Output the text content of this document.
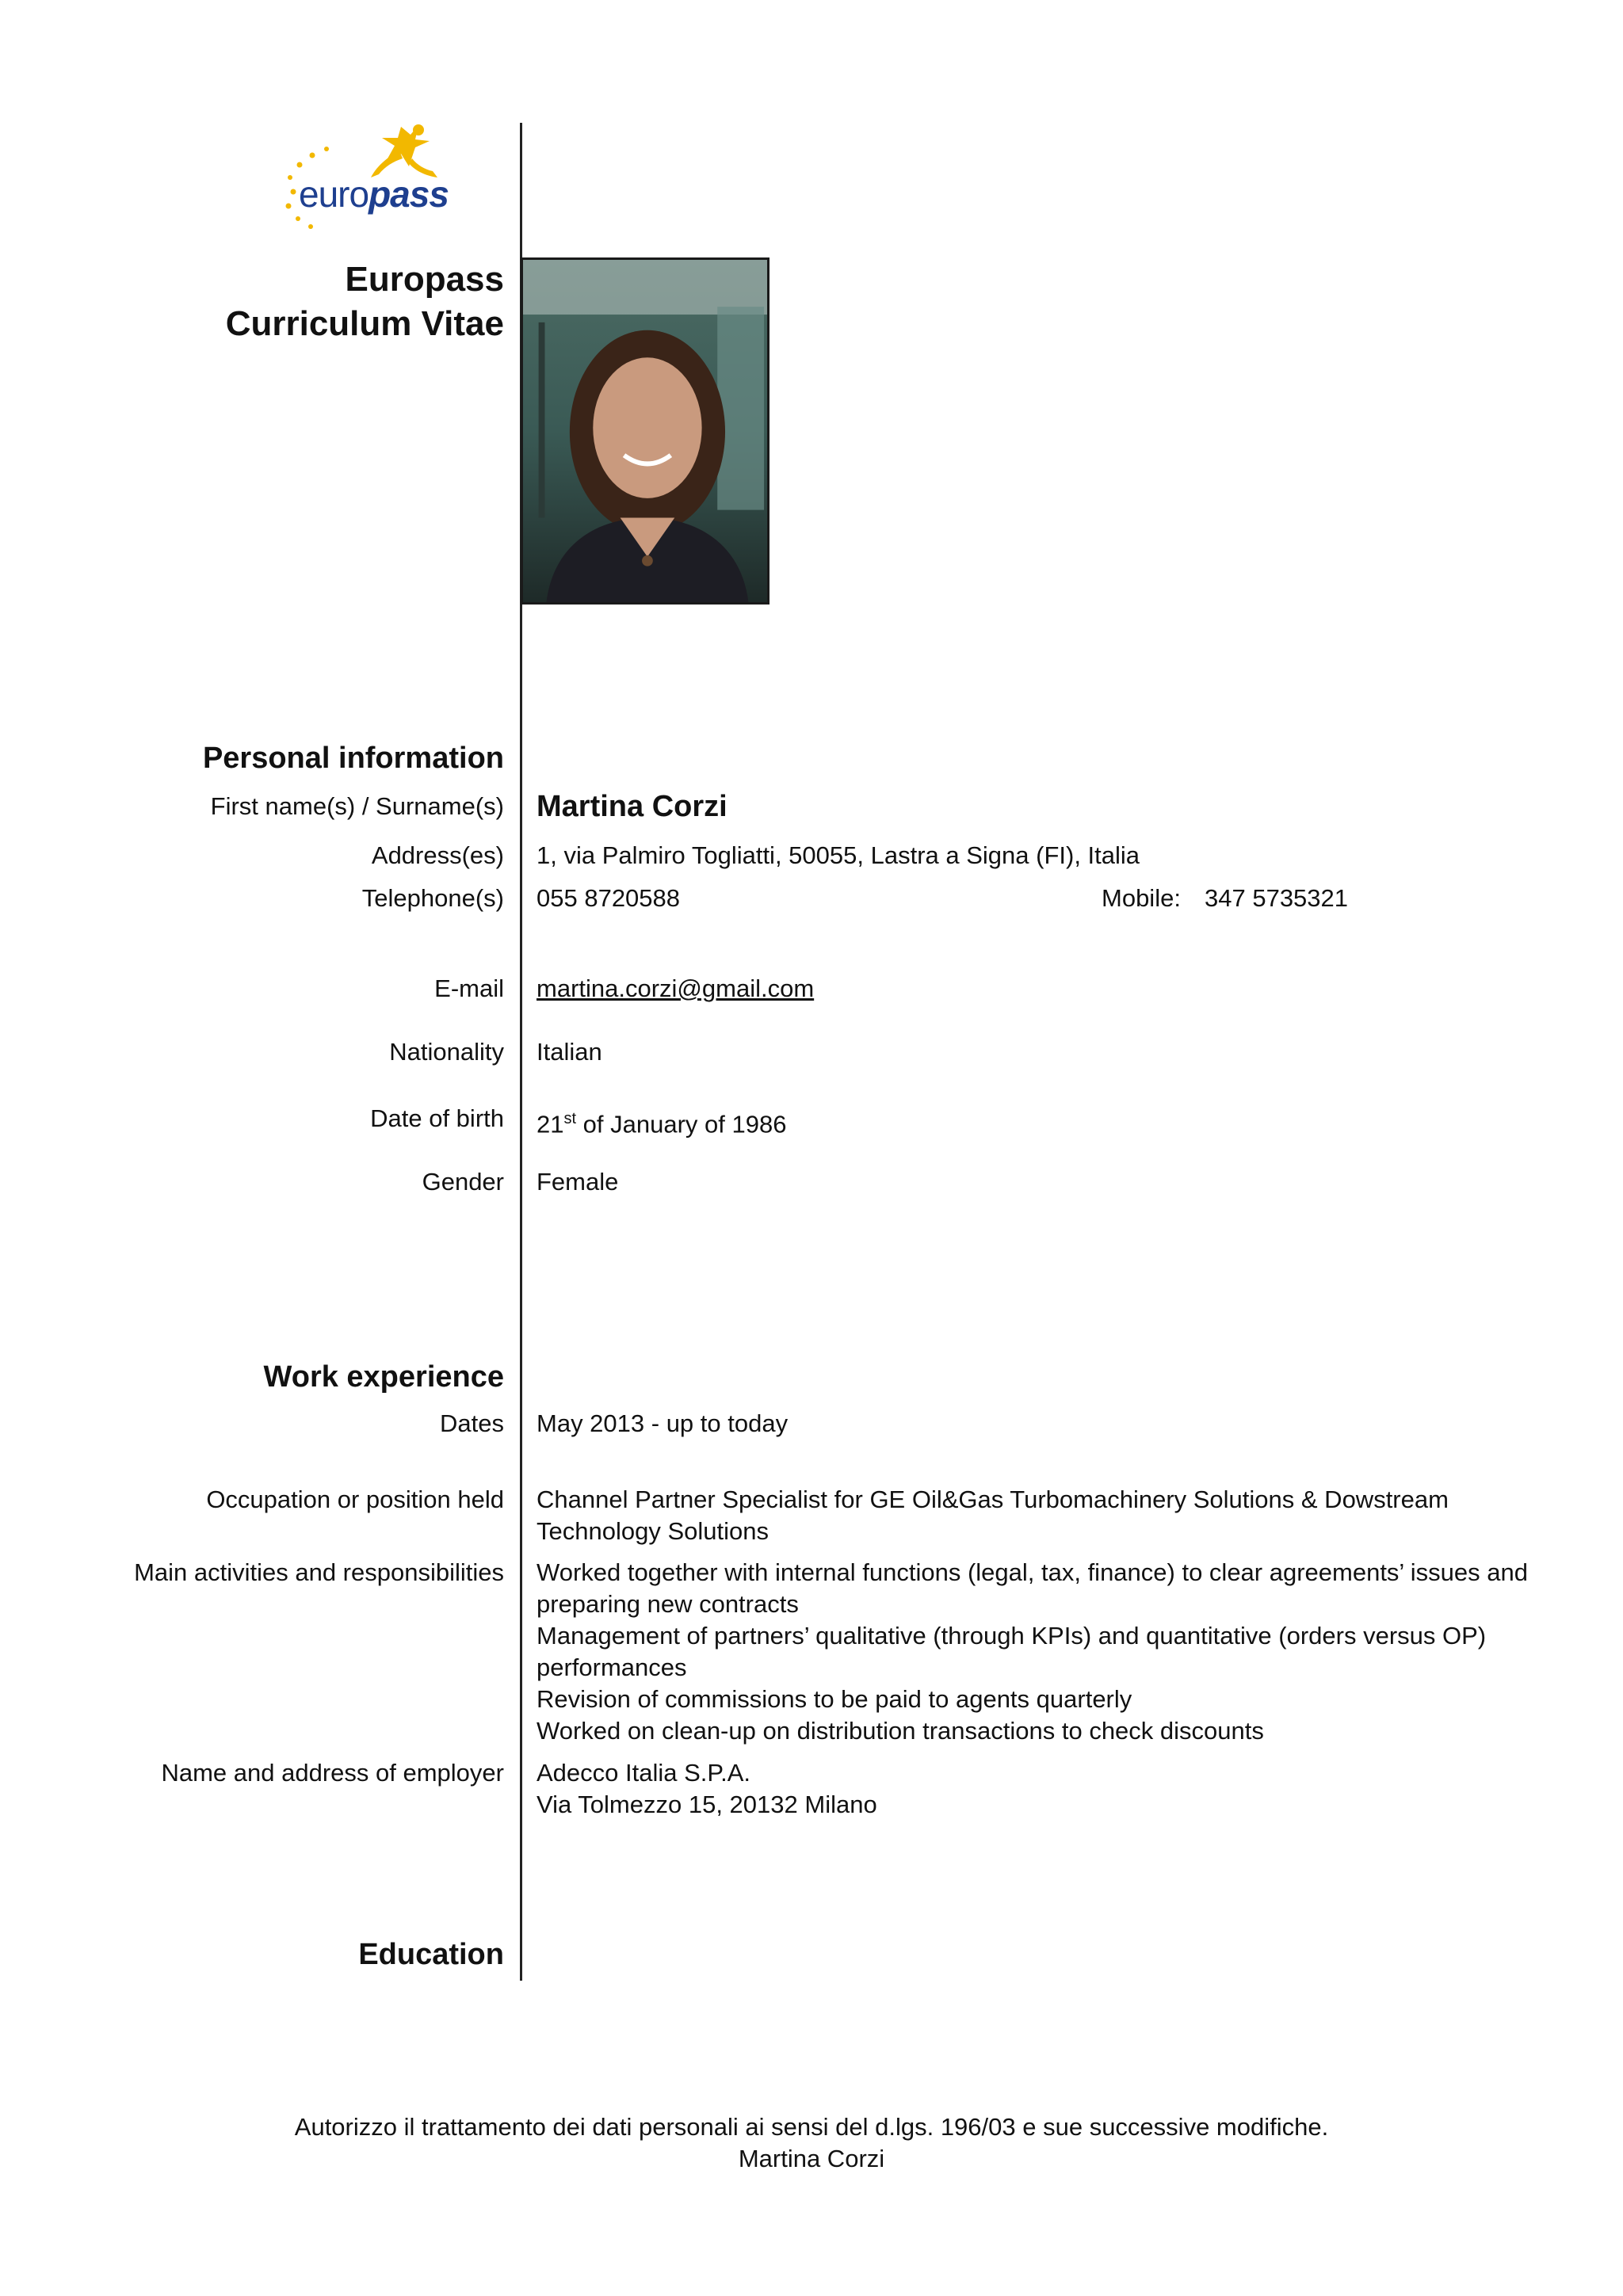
europass
Europass
Curriculum Vitae
Personal information
First name(s) / Surname(s) Martina Corzi
Address(es) 1, via Palmiro Togliatti, 50055, Lastra a Signa (FI), Italia
Telephone(s) 055 8720588	Mobile: 347 5735321
E-mail martina.corzi@gmail.com
Nationality Italian
Date of birth 21st of January of 1986
Gender Female
Work experience
Dates May 2013 - up to today
Occupation or position held Channel Partner Specialist for GE Oil&Gas Turbomachinery Solutions & Dowstream Technology Solutions
Main activities and responsibilities Worked together with internal functions (legal, tax, finance) to clear agreements’ issues and preparing new contracts
Management of partners’ qualitative (through KPIs) and quantitative (orders versus OP) performances
Revision of commissions to be paid to agents quarterly
Worked on clean-up on distribution transactions to check discounts
Name and address of employer Adecco Italia S.P.A.
Via Tolmezzo 15, 20132 Milano
Education
Autorizzo il trattamento dei dati personali ai sensi del d.lgs. 196/03 e sue successive modifiche.
Martina Corzi
